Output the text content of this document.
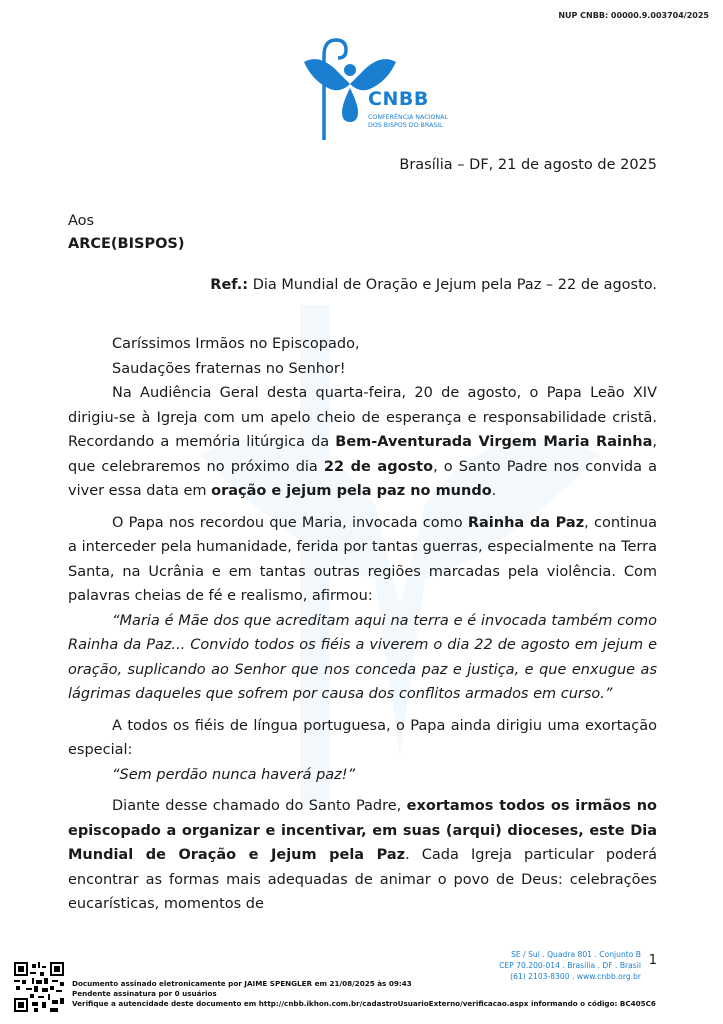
NUP CNBB: 00000.9.003704/2025
CNBB
CONFERÊNCIA NACIONAL
DOS BISPOS DO BRASIL
Brasília – DF, 21 de agosto de 2025
Aos
ARCE(BISPOS)
Ref.: Dia Mundial de Oração e Jejum pela Paz – 22 de agosto.

Caríssimos Irmãos no Episcopado,

Saudações fraternas no Senhor!

Na Audiência Geral desta quarta-feira, 20 de agosto, o Papa Leão XIV dirigiu-se à Igreja com um apelo cheio de esperança e responsabilidade cristã. Recordando a memória litúrgica da Bem-Aventurada Virgem Maria Rainha, que celebraremos no próximo dia 22 de agosto, o Santo Padre nos convida a viver essa data em oração e jejum pela paz no mundo.

O Papa nos recordou que Maria, invocada como Rainha da Paz, continua a interceder pela humanidade, ferida por tantas guerras, especialmente na Terra Santa, na Ucrânia e em tantas outras regiões marcadas pela violência. Com palavras cheias de fé e realismo, afirmou:

“Maria é Mãe dos que acreditam aqui na terra e é invocada também como Rainha da Paz... Convido todos os fiéis a viverem o dia 22 de agosto em jejum e oração, suplicando ao Senhor que nos conceda paz e justiça, e que enxugue as lágrimas daqueles que sofrem por causa dos conflitos armados em curso.”

A todos os fiéis de língua portuguesa, o Papa ainda dirigiu uma exortação especial:

“Sem perdão nunca haverá paz!”

Diante desse chamado do Santo Padre, exortamos todos os irmãos no episcopado a organizar e incentivar, em suas (arqui) dioceses, este Dia Mundial de Oração e Jejum pela Paz. Cada Igreja particular poderá encontrar as formas mais adequadas de animar o povo de Deus: celebrações eucarísticas, momentos de

SE / Sul . Quadra 801 . Conjunto B
CEP 70.200-014 . Brasília . DF . Brasil
(61) 2103-8300 . www.cnbb.org.br
1
Documento assinado eletronicamente por JAIME SPENGLER em 21/08/2025 às 09:43
Pendente assinatura por 0 usuários
Verifique a autencidade deste documento em http://cnbb.ikhon.com.br/cadastroUsuarioExterno/verificacao.aspx informando o código: BC405C6
